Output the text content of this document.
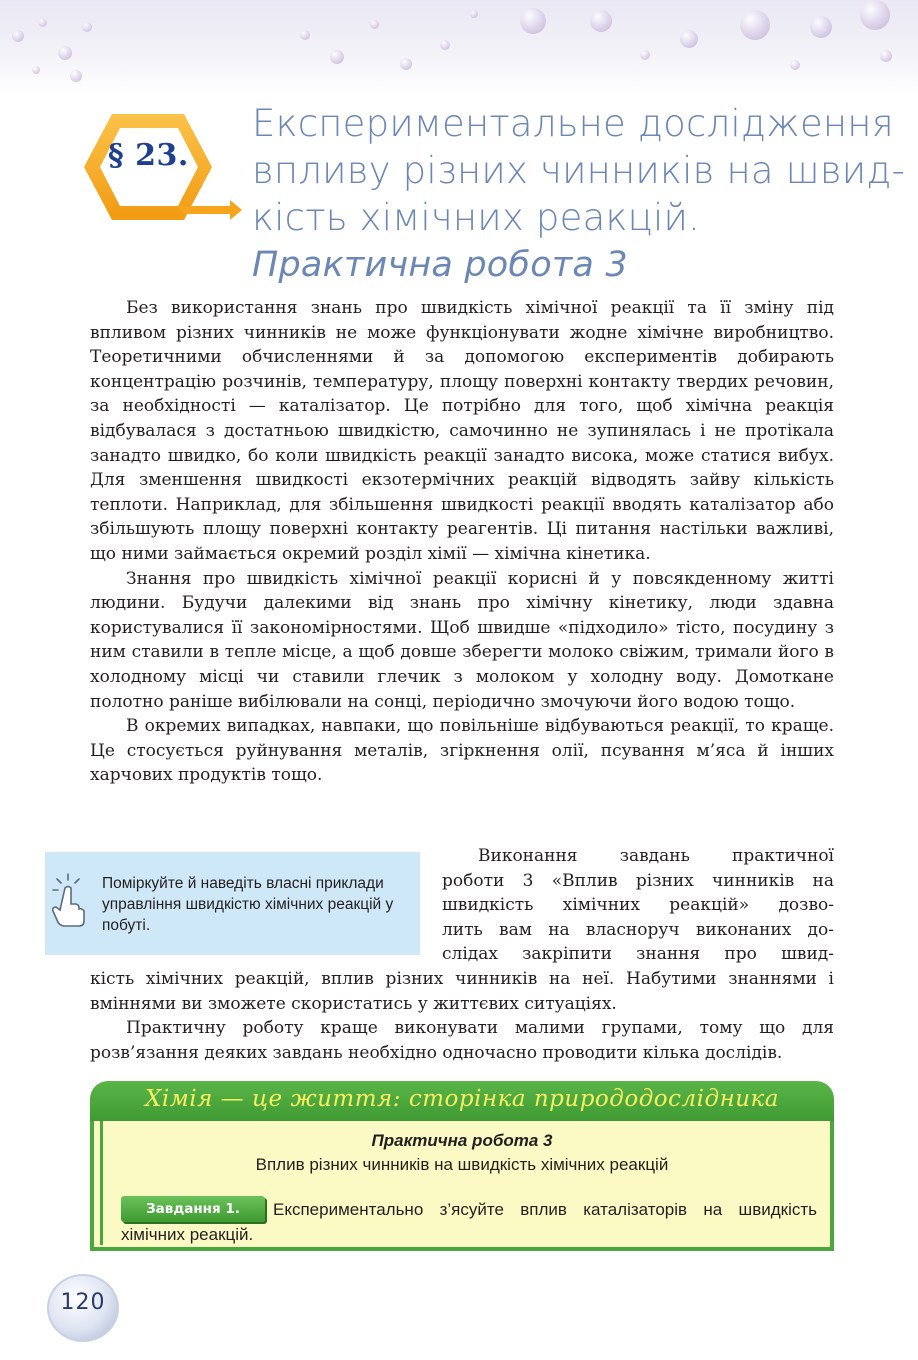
§ 23.
Експериментальне дослідження
впливу різних чинників на швид-
кість хімічних реакцій.
Практична робота 3

Без використання знань про швидкість хімічної реакції та її зміну під впливом різних чинників не може функціонувати жодне хімічне виробництво. Теоретичними обчисленнями й за допомогою експериментів добирають концентрацію розчинів, температуру, площу поверхні контакту твердих речовин, за необхідності — каталізатор. Це потрібно для того, щоб хімічна реакція відбувалася з достатньою швидкістю, самочинно не зупинялась і не протікала занадто швидко, бо коли швидкість реакції занадто висока, може статися вибух. Для зменшення швидкості екзотермічних реакцій відводять зайву кількість теплоти. Наприклад, для збільшення швидкості реакції вводять каталізатор або збільшують площу поверхні контакту реагентів. Ці питання настільки важливі, що ними займається окремий розділ хімії — хімічна кінетика.

Знання про швидкість хімічної реакції корисні й у повсякденному житті людини. Будучи далекими від знань про хімічну кінетику, люди здавна користувалися її закономірностями. Щоб швидше «підходило» тісто, посудину з ним ставили в тепле місце, а щоб довше зберегти молоко свіжим, тримали його в холодному місці чи ставили глечик з молоком у холодну воду. Домоткане полотно раніше вибілювали на сонці, періодично змочуючи його водою тощо.

В окремих випадках, навпаки, що повільніше відбуваються реакції, то краще. Це стосується руйнування металів, згіркнення олії, псування м’яса й інших харчових продуктів тощо.

Поміркуйте й наведіть власні приклади управління швидкістю хімічних реакцій у побуті.
Виконання завдань практичної
роботи 3 «Вплив різних чинників на
швидкість хімічних реакцій» дозво-
лить вам на власноруч виконаних до-
слідах закріпити знання про швид-

кість хімічних реакцій, вплив різних чинників на неї. Набутими знаннями і вміннями ви зможете скористатись у життєвих ситуаціях.

Практичну роботу краще виконувати малими групами, тому що для розв’язання деяких завдань необхідно одночасно проводити кілька дослідів.

Хімія — це життя: сторінка природодослідника
Практична робота 3
Вплив різних чинників на швидкість хімічних реакцій
Експериментально з’ясуйте вплив каталізаторів на швидкість хімічних реакцій.
Завдання 1.
120
